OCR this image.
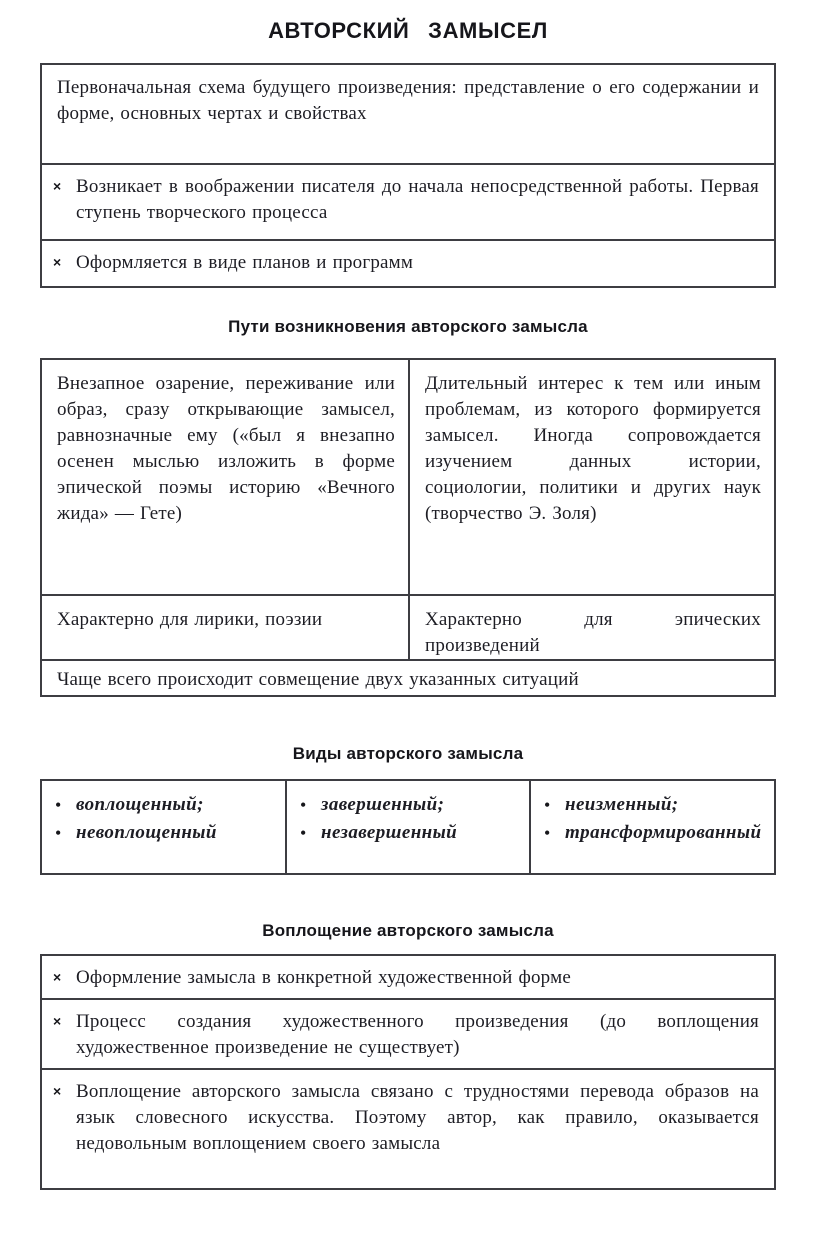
АВТОРСКИЙ ЗАМЫСЕЛ

Первоначальная схема будущего произведения: представление о его содержании и форме, основных чертах и свойствах

× Возникает в воображении писателя до начала непосредственной работы. Первая ступень творческого процесса

× Оформляется в виде планов и программ

Пути возникновения авторского замысла

Внезапное озарение, переживание или образ, сразу открывающие замысел, равнозначные ему («был я внезапно осенен мыслью изложить в форме эпической поэмы историю «Вечного жида» — Гете)

Длительный интерес к тем или иным проблемам, из которого формируется замысел. Иногда сопровождается изучением данных истории, социологии, политики и других наук (творчество Э. Золя)

Характерно для лирики, поэзии	Характерно для эпических произведений

Чаще всего происходит совмещение двух указанных ситуаций

Виды авторского замысла
• воплощенный;

• невоплощенный

• завершенный;

• незавершенный

• неизменный;

• трансформированный

Воплощение авторского замысла
× Оформление замысла в конкретной художественной форме

× Процесс создания художественного произведения (до воплощения художественное произведение не существует)

× Воплощение авторского замысла связано с трудностями перевода образов на язык словесного искусства. Поэтому автор, как правило, оказывается недовольным воплощением своего замысла
